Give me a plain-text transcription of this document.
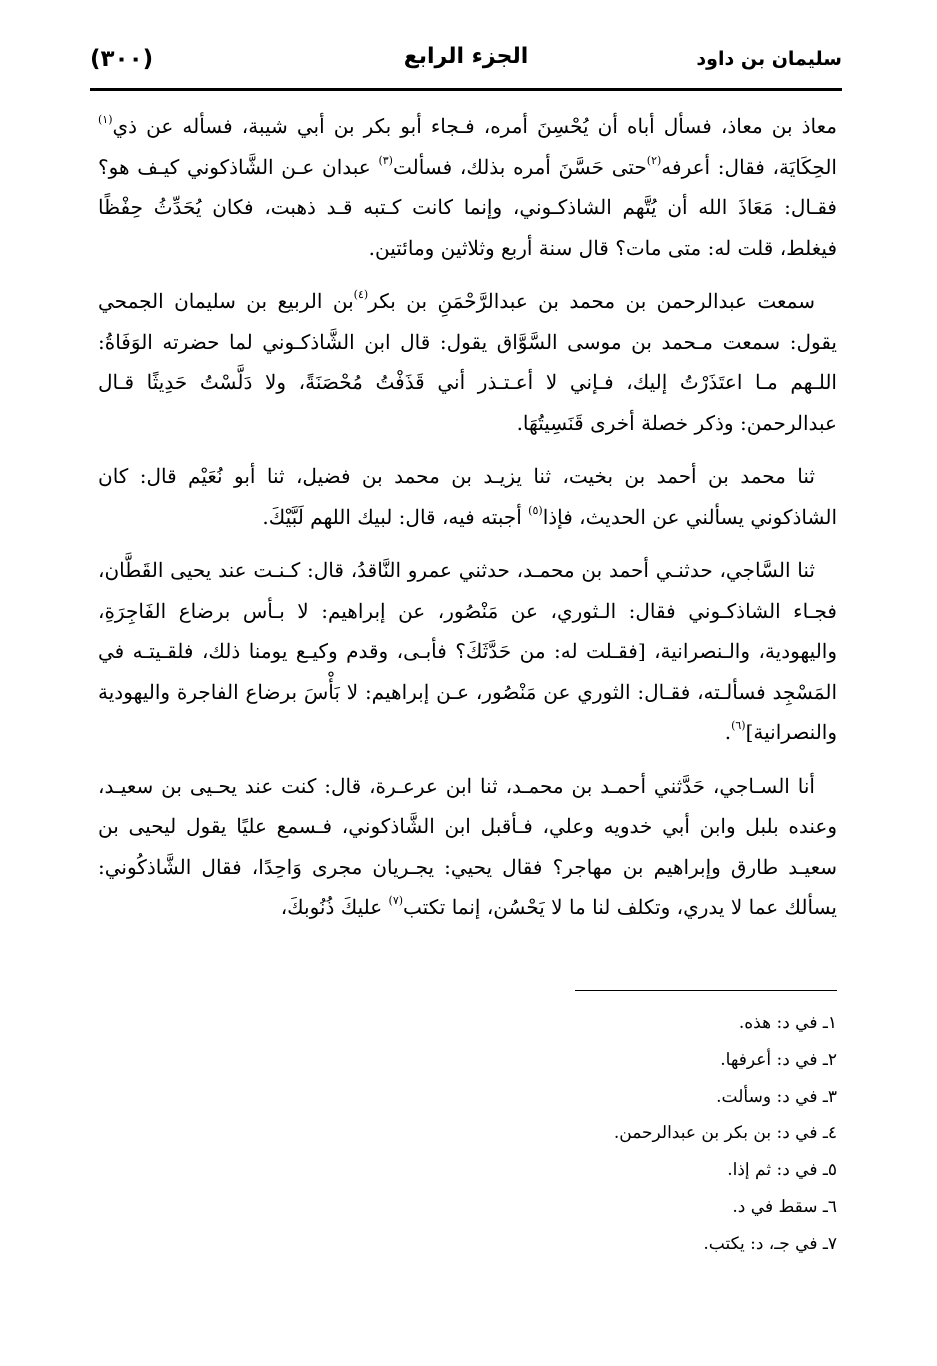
(٣٠٠)	الجزء الرابع	سليمان بن داود

معاذ بن معاذ، فسأل أباه أن يُحْسِنَ أمره، فـجاء أبو بكر بن أبي شيبة، فسأله عن ذي$^{(١)}$ الحِكَايَة، فقال: أعرفه$^{(٢)}$حتى حَسَّنَ أمره بذلك، فسألت$^{(٣)}$ عبدان عـن الشَّاذكوني كيـف هو؟ فقـال: مَعَاذَ الله أن يُتَّهم الشاذكـوني، وإنما كانت كـتبه قـد ذهبت، فكان يُحَدِّثُ حِفْظًا فيغلط، قلت له: متى مات؟ قال سنة أربع وثلاثين ومائتين.

سمعت عبدالرحمن بن محمد بن عبدالرَّحْمَنِ بن بكر$^{(٤)}$بن الربيع بن سليمان الجمحي يقول: سمعت مـحمد بن موسى السَّوَّاق يقول: قال ابن الشَّاذكـوني لما حضرته الوَفَاةُ: اللـهم مـا اعتَذَرْتُ إليك، فـإني لا أعـتـذر أني قَذَفْتُ مُحْصَنَةً، ولا دَلَّسْتُ حَدِيثًا قـال عبدالرحمن: وذكر خصلة أخرى قَنَسِيتُهَا.

ثنا محمد بن أحمد بن بخيت، ثنا يزيـد بن محمد بن فضيل، ثنا أبو نُعَيْم قال: كان الشاذكوني يسألني عن الحديث، فإذا$^{(٥)}$ أجبته فيه، قال: لبيك اللهم لَبَّيْكَ.

ثنا السَّاجي، حدثنـي أحمد بن محمـد، حدثني عمرو النَّاقدُ، قال: كـنـت عند يحيى القَطَّان، فجـاء الشاذكـوني فقال: الـثوري، عن مَنْصُور، عن إبراهيم: لا بـأس برضاع الفَاجِرَةِ، واليهودية، والـنصرانية، [فقـلت له: من حَدَّثَكَ؟ فأبـى، وقدم وكيـع يومنا ذلك، فلقـيتـه في المَسْجِد فسألـته، فقـال: الثوري عن مَنْصُور، عـن إبراهيم: لا بَأْسَ برضاع الفاجرة واليهودية والنصرانية]$^{(٦)}$.

أنا السـاجي، حَدَّثني أحمـد بن محمـد، ثنا ابن عرعـرة، قال: كنت عند يحـيى بن سعيـد، وعنده بلبل وابن أبي خدويه وعلي، فـأقبل ابن الشَّاذكوني، فـسمع عليًا يقول ليحيى بن سعيـد طارق وإبراهيم بن مهاجر؟ فقال يحيي: يجـريان مجرى وَاحِدًا، فقال الشَّاذكُوني: يسألك عما لا يدري، وتكلف لنا ما لا يَحْسُن، إنما تكتب$^{(٧)}$ عليكَ ذُنُوبكَ،

١ـ في د: هذه.
٢ـ في د: أعرفها.
٣ـ في د: وسألت.
٤ـ في د: بن بكر بن عبدالرحمن.
٥ـ في د: ثم إذا.
٦ـ سقط في د.
٧ـ في جـ، د: يكتب.
